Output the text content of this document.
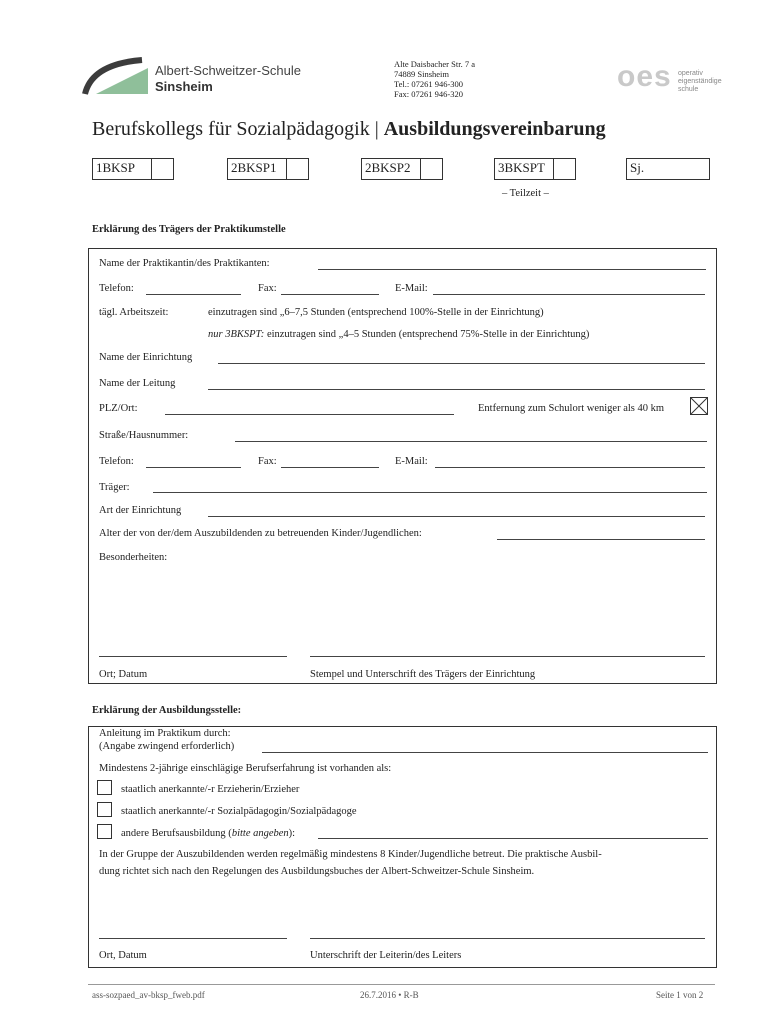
Albert-Schweitzer-Schule
Sinsheim
Alte Daisbacher Str. 7 a
74889 Sinsheim
Tel.: 07261 946-300
Fax: 07261 946-320
oes operativ
eigenständige
schule
Berufskollegs für Sozialpädagogik | Ausbildungsvereinbarung
1BKSP	2BKSP1	2BKSP2	3BKSPT	Sj.
– Teilzeit –
Erklärung des Trägers der Praktikumstelle
Name der Praktikantin/des Praktikanten:
Telefon:	Fax:	E-Mail:
tägl. Arbeitszeit:	einzutragen sind „6–7,5 Stunden (entsprechend 100%-Stelle in der Einrichtung)
nur 3BKSPT: einzutragen sind „4–5 Stunden (entsprechend 75%-Stelle in der Einrichtung)
Name der Einrichtung
Name der Leitung
PLZ/Ort:	Entfernung zum Schulort weniger als 40 km
Straße/Hausnummer:
Telefon:	Fax:	E-Mail:
Träger:
Art der Einrichtung
Alter der von der/dem Auszubildenden zu betreuenden Kinder/Jugendlichen:
Besonderheiten:
Ort; Datum	Stempel und Unterschrift des Trägers der Einrichtung
Erklärung der Ausbildungsstelle:
Anleitung im Praktikum durch:
(Angabe zwingend erforderlich)
Mindestens 2-jährige einschlägige Berufserfahrung ist vorhanden als:
staatlich anerkannte/-r Erzieherin/Erzieher
staatlich anerkannte/-r Sozialpädagogin/Sozialpädagoge
andere Berufsausbildung (bitte angeben):
In der Gruppe der Auszubildenden werden regelmäßig mindestens 8 Kinder/Jugendliche betreut. Die praktische Ausbil-
dung richtet sich nach den Regelungen des Ausbildungsbuches der Albert-Schweitzer-Schule Sinsheim.
Ort, Datum	Unterschrift der Leiterin/des Leiters
ass-sozpaed_av-bksp_fweb.pdf	26.7.2016 • R-B	Seite 1 von 2
